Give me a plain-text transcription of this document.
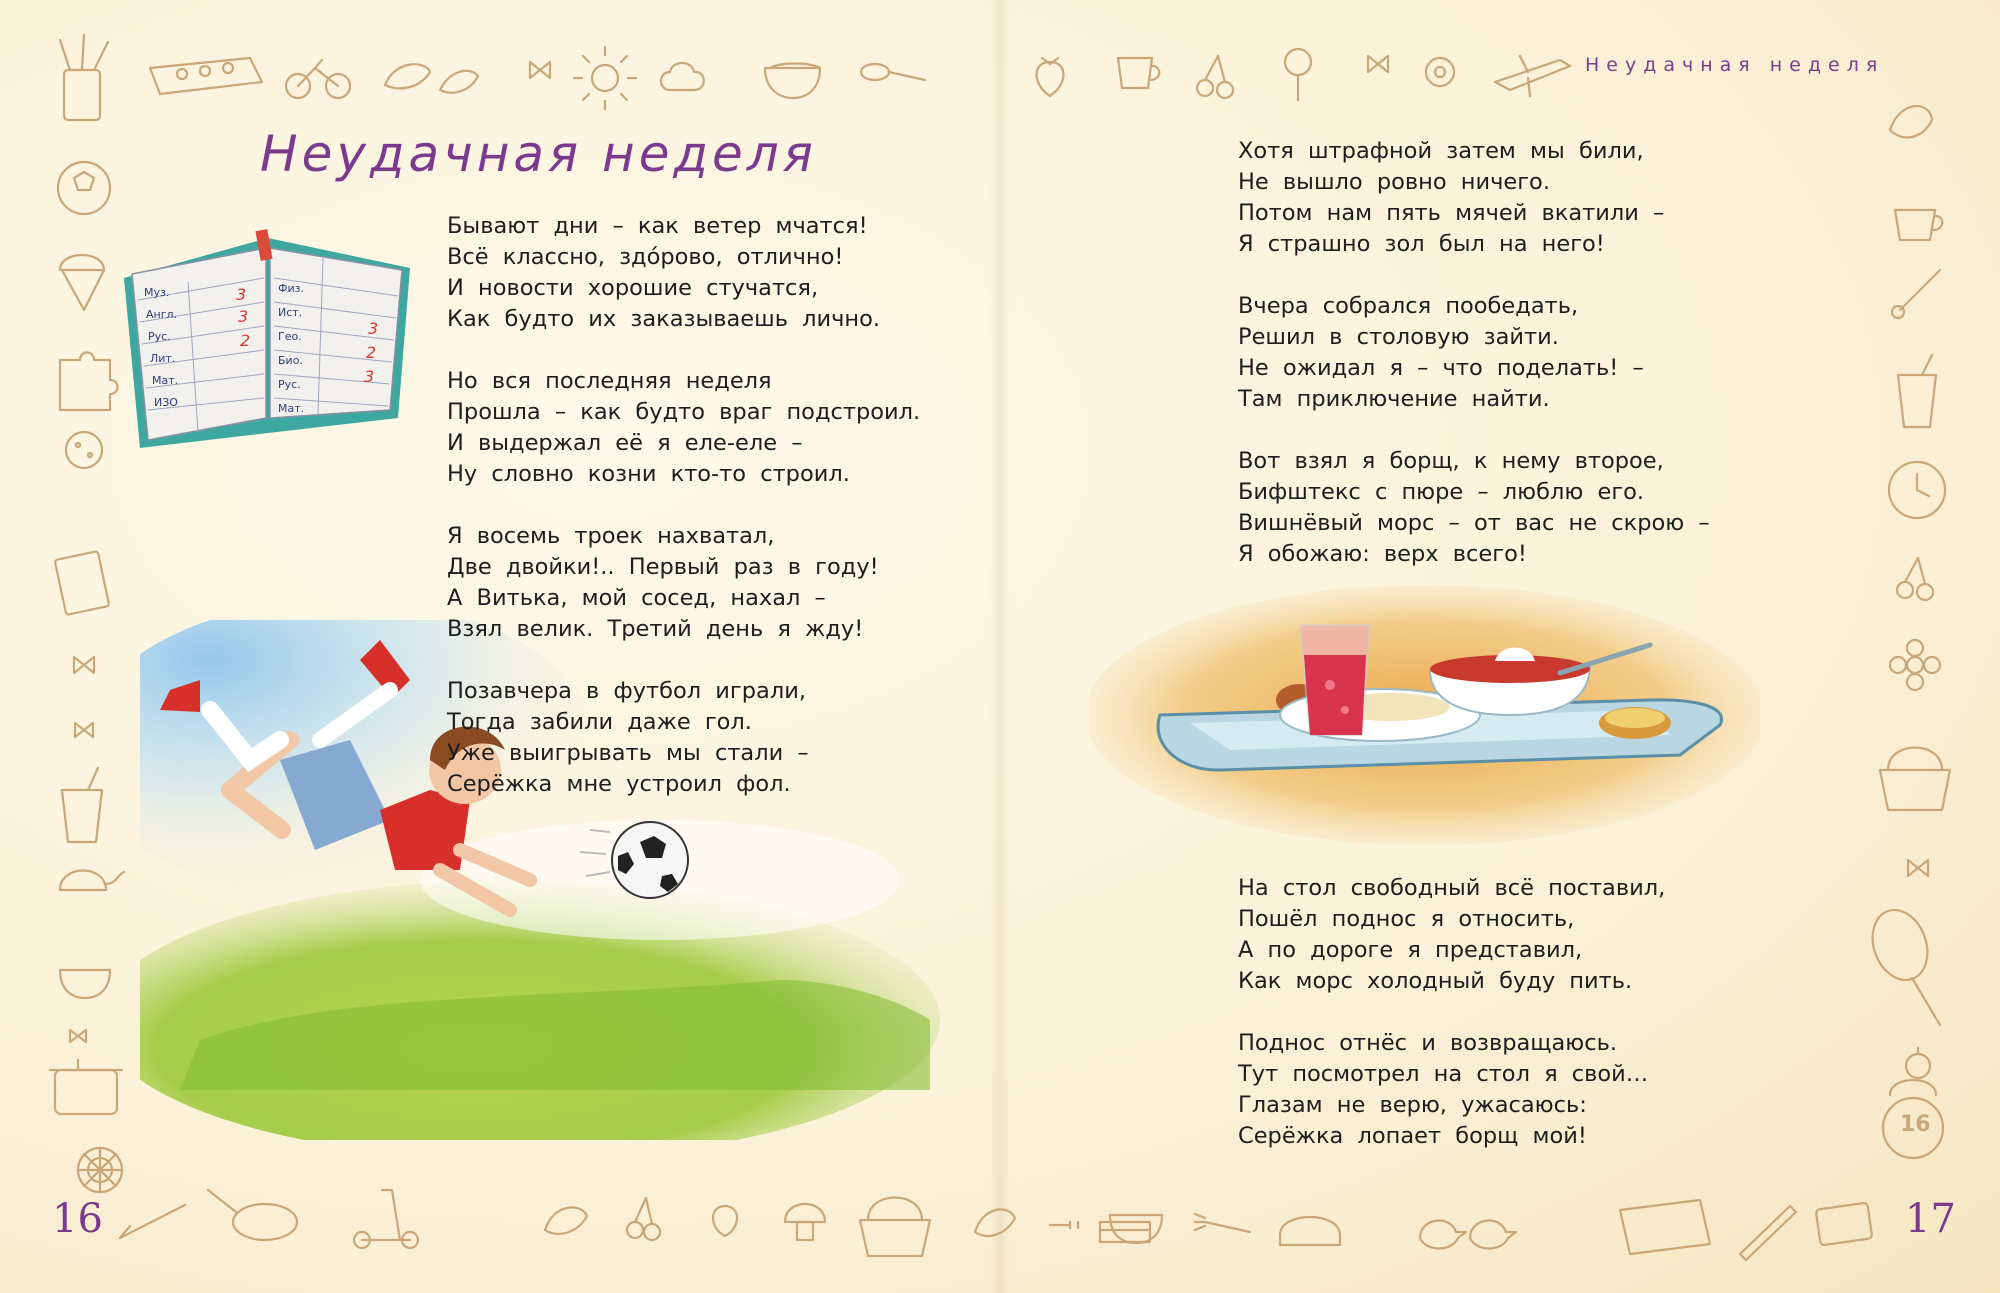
Неудачная неделя
Неудачная неделя
Муз.
Англ.
Рус.
Лит.
Мат.
ИЗО
Физ.
Ист.
Гео.
Био.
Рус.
Мат.
3
3
2
3
2
3
Бывают дни – как ветер мчатся!
Всё классно, здóрово, отлично!
И новости хорошие стучатся,
Как будто их заказываешь лично.
Но вся последняя неделя
Прошла – как будто враг подстроил.
И выдержал её я еле-еле –
Ну словно козни кто-то строил.
Я восемь троек нахватал,
Две двойки!.. Первый раз в году!
А Витька, мой сосед, нахал –
Взял велик. Третий день я жду!
Позавчера в футбол играли,
Тогда забили даже гол.
Уже выигрывать мы стали –
Серёжка мне устроил фол.
Хотя штрафной затем мы били,
Не вышло ровно ничего.
Потом нам пять мячей вкатили –
Я страшно зол был на него!
Вчера собрался пообедать,
Решил в столовую зайти.
Не ожидал я – что поделать! –
Там приключение найти.
Вот взял я борщ, к нему второе,
Бифштекс с пюре – люблю его.
Вишнёвый морс – от вас не скрою –
Я обожаю: верх всего!
На стол свободный всё поставил,
Пошёл поднос я относить,
А по дороге я представил,
Как морс холодный буду пить.
Поднос отнёс и возвращаюсь.
Тут посмотрел на стол я свой…
Глазам не верю, ужасаюсь:
Серёжка лопает борщ мой!	16
16	17
